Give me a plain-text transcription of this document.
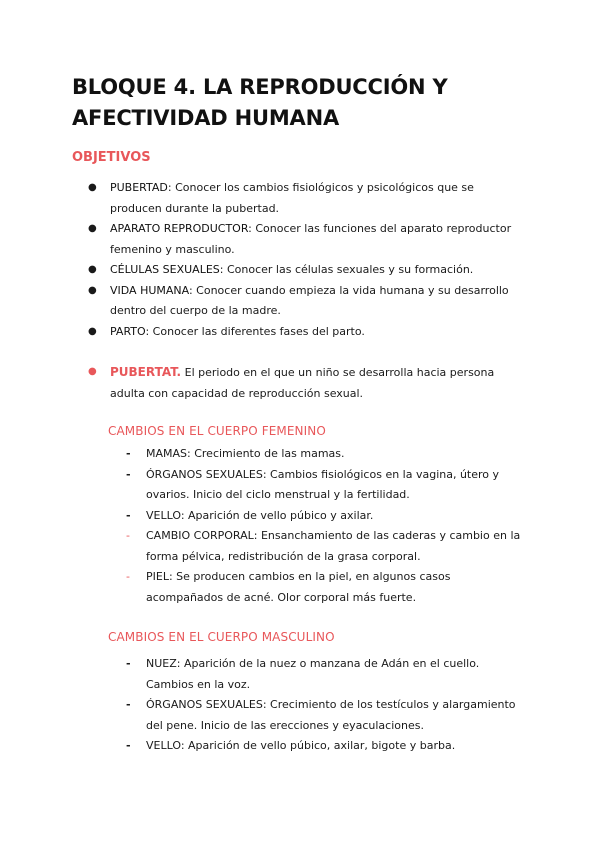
BLOQUE 4. LA REPRODUCCIÓN Y AFECTIVIDAD HUMANA
OBJETIVOS
● PUBERTAD: Conocer los cambios fisiológicos y psicológicos que se producen durante la pubertad.
● APARATO REPRODUCTOR: Conocer las funciones del aparato reproductor femenino y masculino.
● CÉLULAS SEXUALES: Conocer las células sexuales y su formación.
● VIDA HUMANA: Conocer cuando empieza la vida humana y su desarrollo dentro del cuerpo de la madre.
● PARTO: Conocer las diferentes fases del parto.
●	PUBERTAT. El periodo en el que un niño se desarrolla hacia persona adulta con capacidad de reproducción sexual.

CAMBIOS EN EL CUERPO FEMENINO
- MAMAS: Crecimiento de las mamas.
- ÓRGANOS SEXUALES: Cambios fisiológicos en la vagina, útero y ovarios. Inicio del ciclo menstrual y la fertilidad.
- VELLO: Aparición de vello púbico y axilar.
- CAMBIO CORPORAL: Ensanchamiento de las caderas y cambio en la forma pélvica, redistribución de la grasa corporal.
- PIEL: Se producen cambios en la piel, en algunos casos acompañados de acné. Olor corporal más fuerte.
CAMBIOS EN EL CUERPO MASCULINO
- NUEZ: Aparición de la nuez o manzana de Adán en el cuello. Cambios en la voz.
- ÓRGANOS SEXUALES: Crecimiento de los testículos y alargamiento del pene. Inicio de las erecciones y eyaculaciones.
- VELLO: Aparición de vello púbico, axilar, bigote y barba.
